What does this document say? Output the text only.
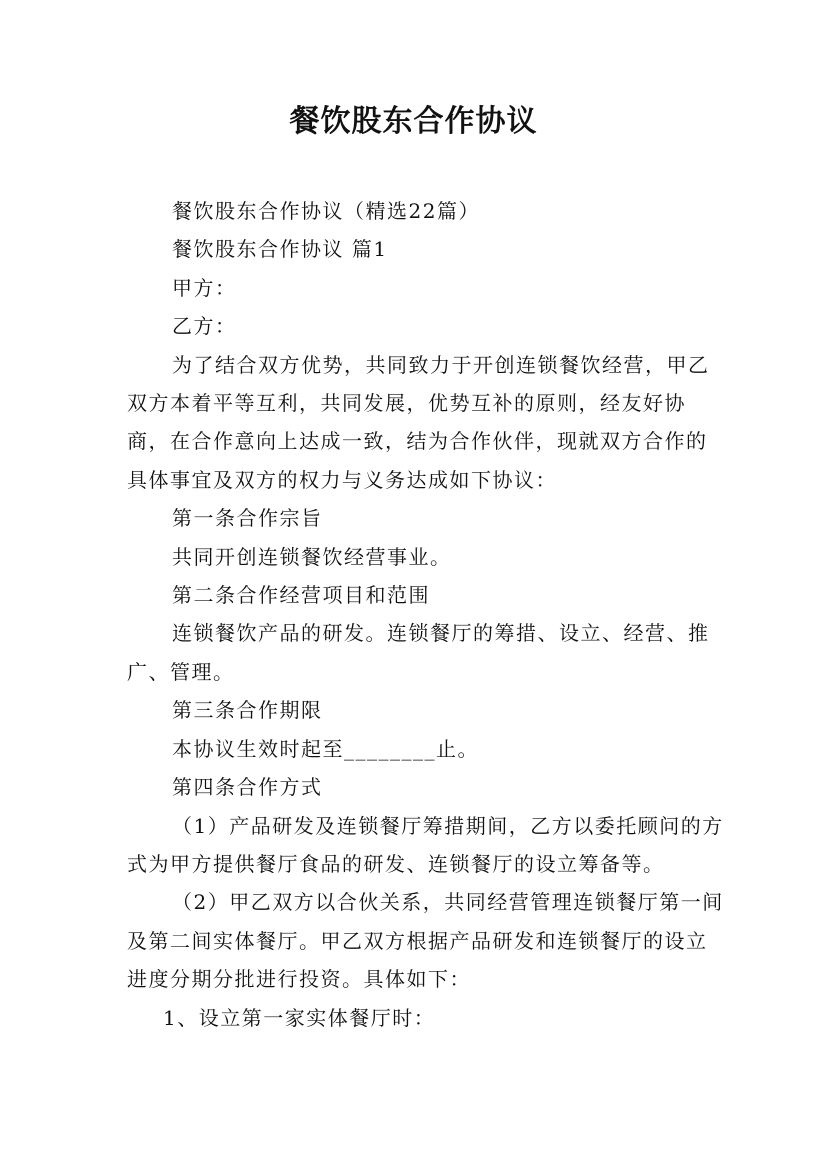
餐饮股东合作协议

餐饮股东合作协议（精选22篇）

餐饮股东合作协议 篇1

甲方：

乙方：

为了结合双方优势，共同致力于开创连锁餐饮经营，甲乙双方本着平等互利，共同发展，优势互补的原则，经友好协商，在合作意向上达成一致，结为合作伙伴，现就双方合作的具体事宜及双方的权力与义务达成如下协议：

第一条合作宗旨

共同开创连锁餐饮经营事业。

第二条合作经营项目和范围

连锁餐饮产品的研发。连锁餐厅的筹措、设立、经营、推广、管理。

第三条合作期限

本协议生效时起至________止。

第四条合作方式

（1）产品研发及连锁餐厅筹措期间，乙方以委托顾问的方式为甲方提供餐厅食品的研发、连锁餐厅的设立筹备等。

（2）甲乙双方以合伙关系，共同经营管理连锁餐厅第一间及第二间实体餐厅。甲乙双方根据产品研发和连锁餐厅的设立进度分期分批进行投资。具体如下：

1、设立第一家实体餐厅时：
